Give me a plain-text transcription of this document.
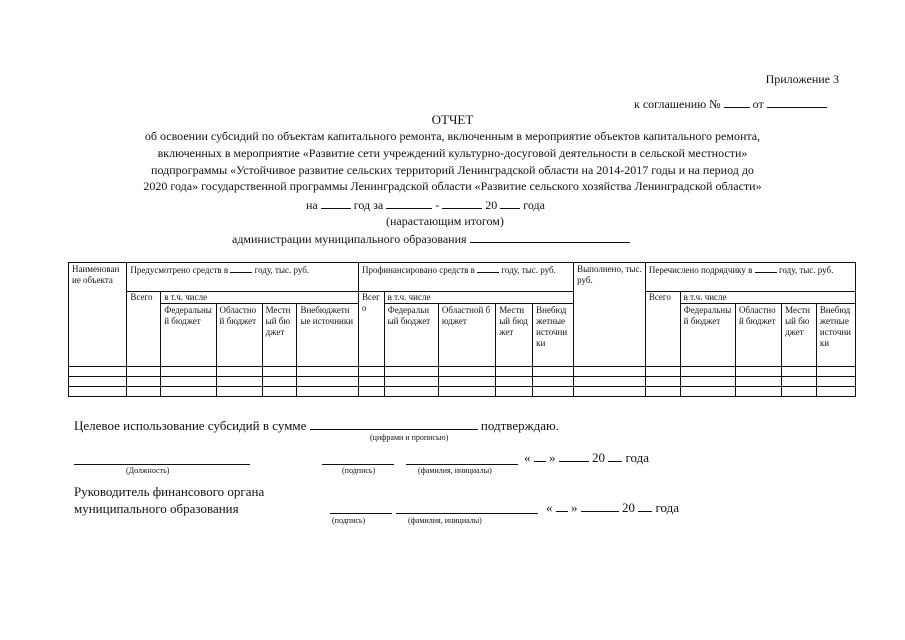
Приложение 3
к соглашению №	от
ОТЧЕТ
об освоении субсидий по объектам капитального ремонта, включенным в мероприятие объектов капитального ремонта,
включенных в мероприятие «Развитие сети учреждений культурно-досуговой деятельности в сельской местности»
подпрограммы «Устойчивое развитие сельских территорий Ленинградской области на 2014-2017 годы и на период до
2020 года» государственной программы Ленинградской области «Развитие сельского хозяйства Ленинградской области»
на	год за	-	20 года
(нарастающим итогом)
администрации муниципального образования
Наименование объекта	Предусмотрено средств в году, тыс. руб.					Профинансировано средств в году, тыс. руб.					Выполнено, тыс. руб.	Перечислено подрядчику в году, тыс. руб.				
	Всего	в т.ч. числе				Всего	в т.ч. числе					Всего	в т.ч. числе			
		Федеральный бюджет	Областной бюджет	Местный бюджет	Внебюджетные источники		Федеральный бюджет	Областной бюджет	Местный бюджет	Внебюджетные источники			Федеральный бюджет	Областной бюджет	Местный бюджет	Внебюджетные источники

Целевое использование субсидий в сумме	подтверждаю.
(цифрами и прописью)
(Должность)	(подпись)	(фамилия, инициалы)
« »	20 года
Руководитель финансового органа
муниципального образования
(подпись)	(фамилия, инициалы)
« »	20 года
